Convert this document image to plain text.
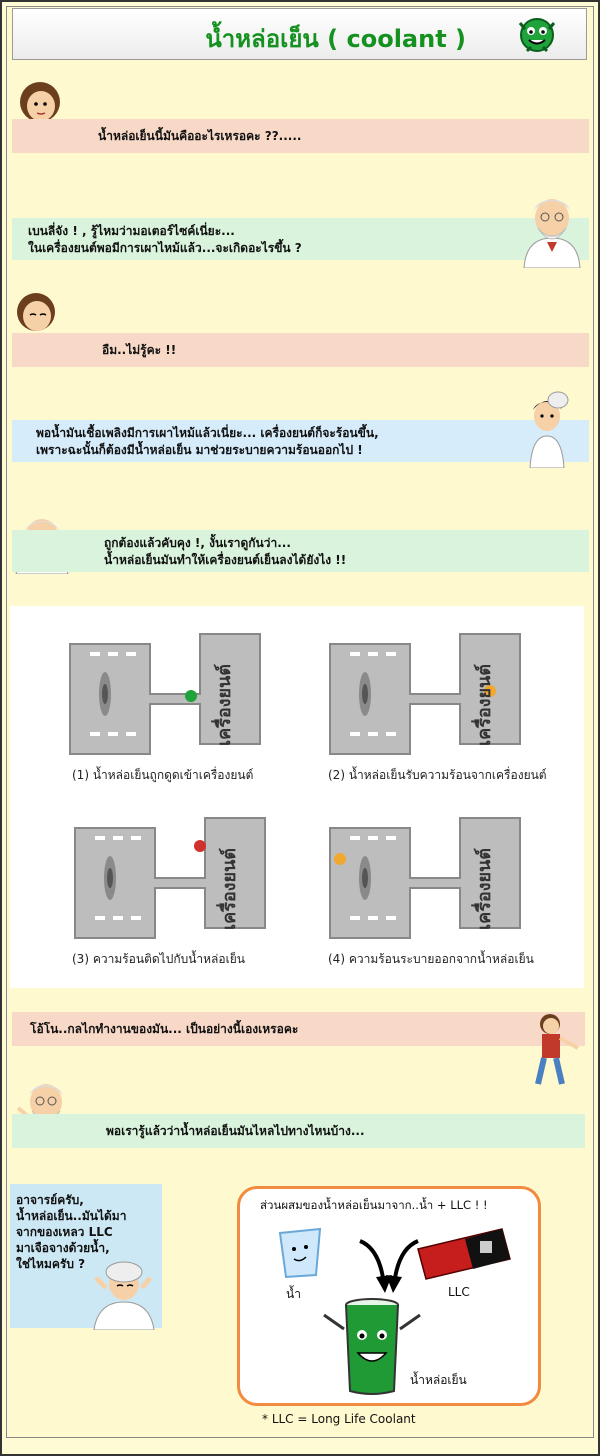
น้ำหล่อเย็น ( coolant )
น้ำหล่อเย็นนี้มันคืออะไรเหรอคะ ??.....
เบนลี่จัง ! , รู้ไหมว่ามอเตอร์ไซค์เนี่ยะ...
ในเครื่องยนต์พอมีการเผาไหม้แล้ว...จะเกิดอะไรขึ้น ?
อืม..ไม่รู้คะ !!
พอน้ำมันเชื้อเพลิงมีการเผาไหม้แล้วเนี่ยะ... เครื่องยนต์ก็จะร้อนขึ้น,
เพราะฉะนั้นก็ต้องมีน้ำหล่อเย็น มาช่วยระบายความร้อนออกไป !
ถูกต้องแล้วคับคุง !, งั้นเราดูกันว่า...
น้ำหล่อเย็นมันทำให้เครื่องยนต์เย็นลงได้ยังไง !!
เครื่องยนต์	เครื่องยนต์
เครื่องยนต์	เครื่องยนต์
(1) น้ำหล่อเย็นถูกดูดเข้าเครื่องยนต์	(2) น้ำหล่อเย็นรับความร้อนจากเครื่องยนต์
(3) ความร้อนติดไปกับน้ำหล่อเย็น	(4) ความร้อนระบายออกจากน้ำหล่อเย็น
โอ้โน..กลไกทำงานของมัน... เป็นอย่างนี้เองเหรอคะ
พอเรารู้แล้วว่าน้ำหล่อเย็นมันไหลไปทางไหนบ้าง...
อาจารย์ครับ,
น้ำหล่อเย็น..มันได้มา
จากของเหลว LLC
มาเจือจางด้วยน้ำ,
ใช่ไหมครับ ?
ส่วนผสมของน้ำหล่อเย็นมาจาก..น้ำ + LLC ! !
น้ำ	LLC
น้ำหล่อเย็น
* LLC = Long Life Coolant
